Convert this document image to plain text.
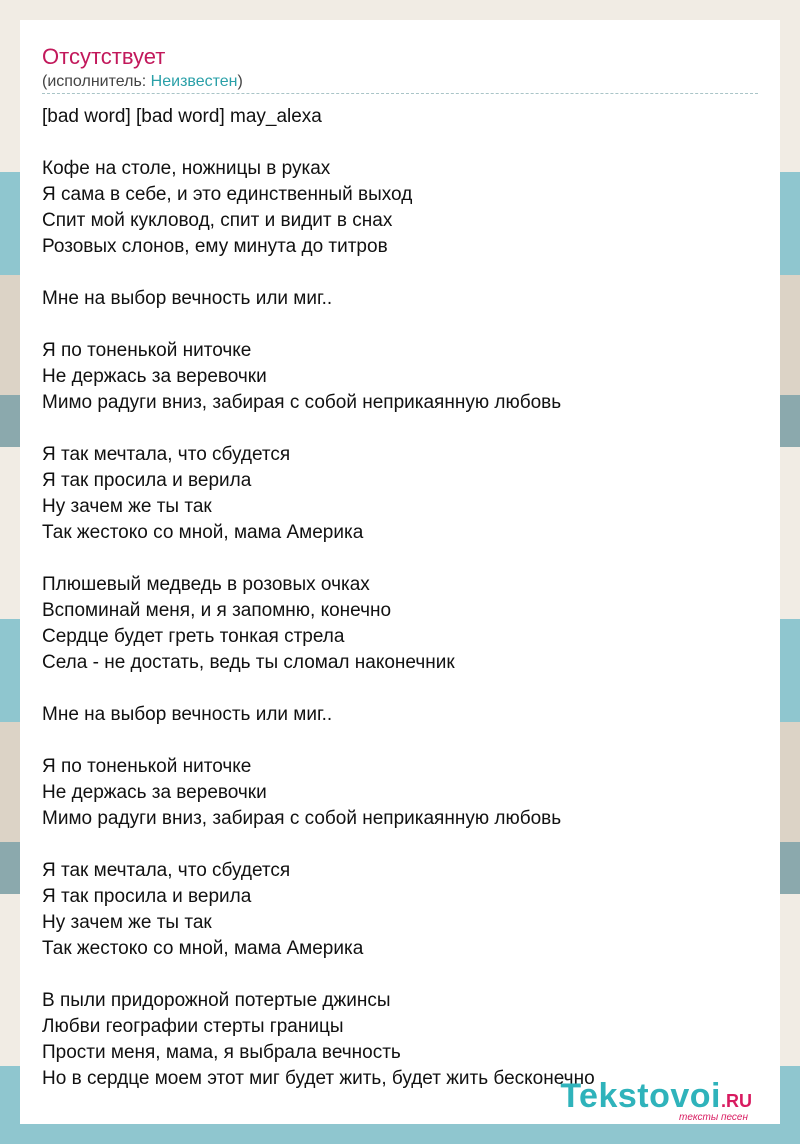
Отсутствует
(исполнитель: Неизвестен)
[bad word] [bad word] may_alexa
Кофе на столе, ножницы в руках
Я сама в себе, и это единственный выход
Спит мой кукловод, спит и видит в снах
Розовых слонов, ему минута до титров
Мне на выбор вечность или миг..
Я по тоненькой ниточке
Не держась за веревочки
Мимо радуги вниз, забирая с собой неприкаянную любовь
Я так мечтала, что сбудется
Я так просила и верила
Ну зачем же ты так
Так жестоко со мной, мама Америка
Плюшевый медведь в розовых очках
Вспоминай меня, и я запомню, конечно
Сердце будет греть тонкая стрела
Села - не достать, ведь ты сломал наконечник
Мне на выбор вечность или миг..
Я по тоненькой ниточке
Не держась за веревочки
Мимо радуги вниз, забирая с собой неприкаянную любовь
Я так мечтала, что сбудется
Я так просила и верила
Ну зачем же ты так
Так жестоко со мной, мама Америка
В пыли придорожной потертые джинсы
Любви географии стерты границы
Прости меня, мама, я выбрала вечность
Но в сердце моем этот миг будет жить, будет жить бесконечно
Tekstovoi.RU
тексты песен
